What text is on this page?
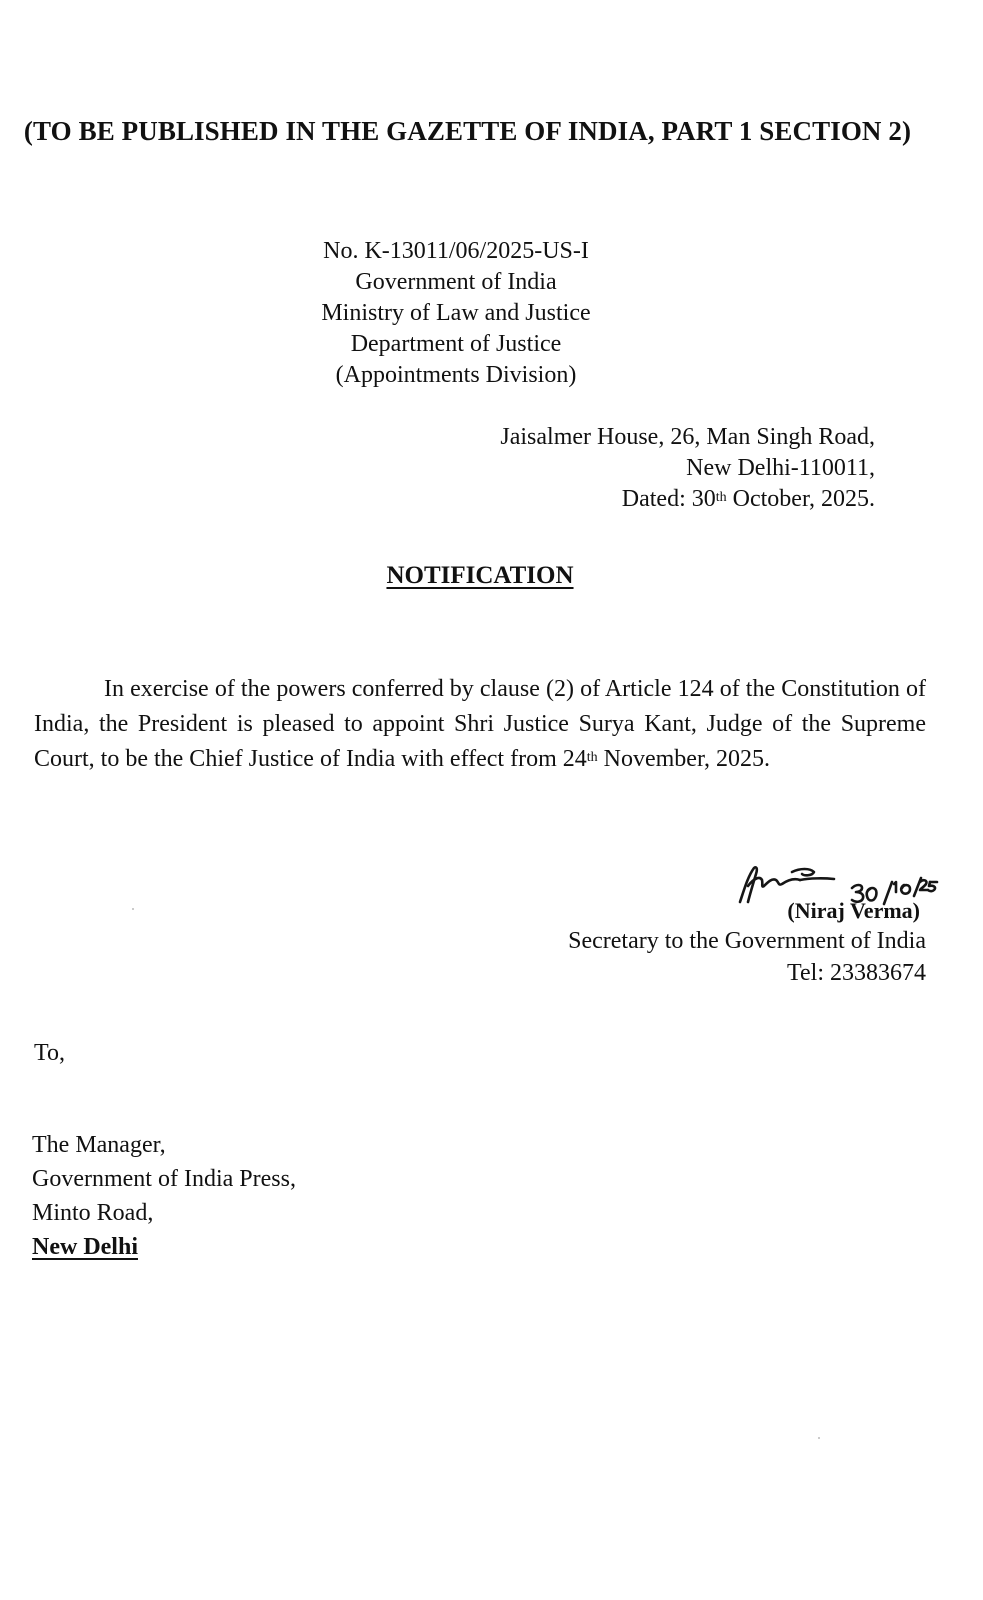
(TO BE PUBLISHED IN THE GAZETTE OF INDIA, PART 1 SECTION 2)
No. K-13011/06/2025-US-I
Government of India
Ministry of Law and Justice
Department of Justice
(Appointments Division)
Jaisalmer House, 26, Man Singh Road,
New Delhi-110011,
Dated: 30th October, 2025.
NOTIFICATION
In exercise of the powers conferred by clause (2) of Article 124 of the Constitution of India, the President is pleased to appoint Shri Justice Surya Kant, Judge of the Supreme Court, to be the Chief Justice of India with effect from 24th November, 2025.
(Niraj Verma)
Secretary to the Government of India
Tel: 23383674
To,
The Manager,
Government of India Press,
Minto Road,
New Delhi
